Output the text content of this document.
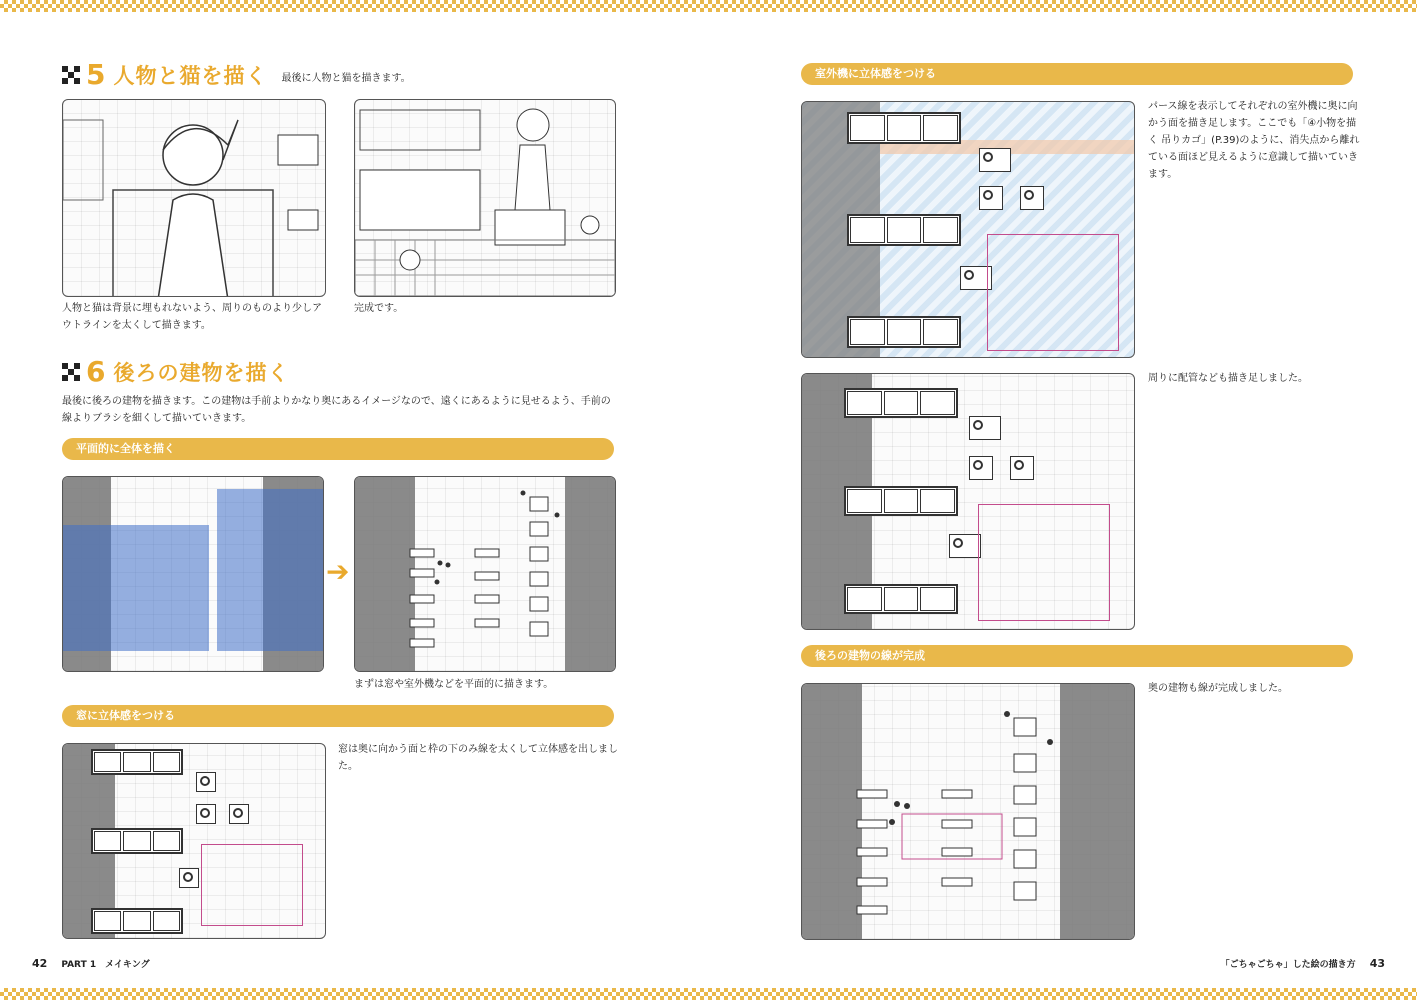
5 人物と猫を描く 最後に人物と猫を描きます。
人物と猫は背景に埋もれないよう、周りのものより少しアウトラインを太くして描きます。
完成です。
6 後ろの建物を描く
最後に後ろの建物を描きます。この建物は手前よりかなり奥にあるイメージなので、遠くにあるように見せるよう、手前の線よりブラシを細くして描いていきます。
平面的に全体を描く
➔
まずは窓や室外機などを平面的に描きます。
窓に立体感をつける
窓は奥に向かう面と枠の下のみ線を太くして立体感を出しました。
室外機に立体感をつける
パース線を表示してそれぞれの室外機に奥に向かう面を描き足します。ここでも「④小物を描く 吊りカゴ」(P.39)のように、消失点から離れている面ほど見えるように意識して描いていきます。
周りに配管なども描き足しました。
後ろの建物の線が完成
奥の建物も線が完成しました。
42 PART 1　メイキング	「ごちゃごちゃ」した絵の描き方 43
